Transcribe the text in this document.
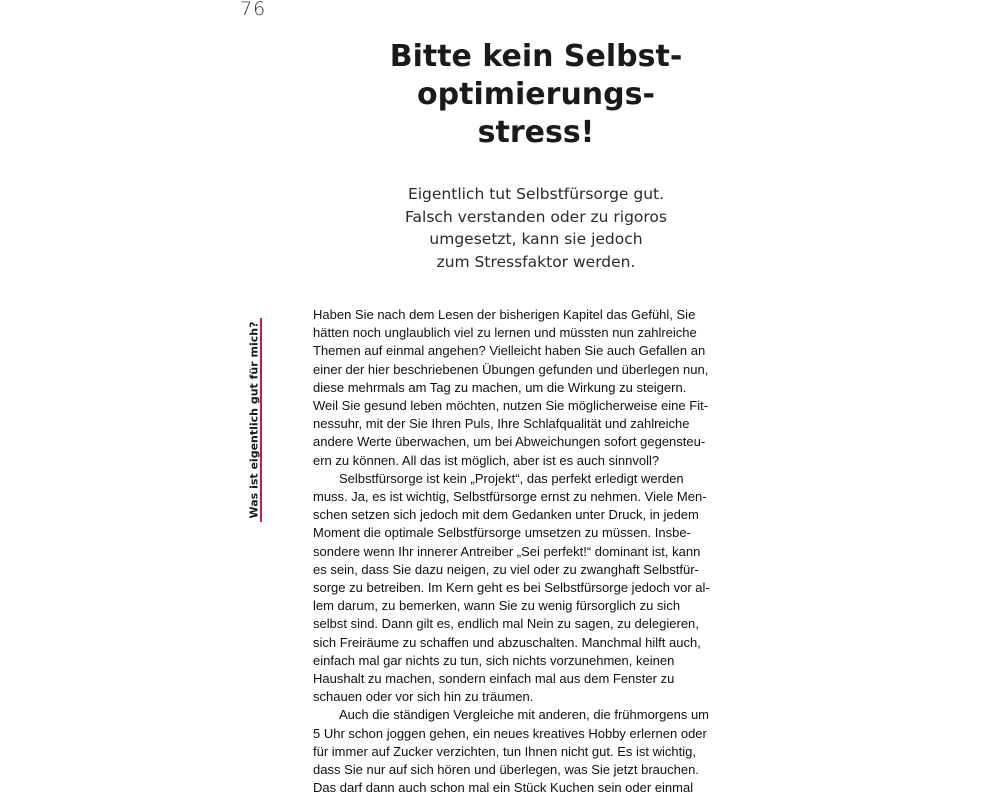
76
Bitte kein Selbst-
optimierungs-
stress!
Eigentlich tut Selbstfürsorge gut.
Falsch verstanden oder zu rigoros
umgesetzt, kann sie jedoch
zum Stressfaktor werden.
Was ist eigentlich gut für mich?
Haben Sie nach dem Lesen der bisherigen Kapitel das Gefühl, Sie
hätten noch unglaublich viel zu lernen und müssten nun zahlreiche
Themen auf einmal angehen? Vielleicht haben Sie auch Gefallen an
einer der hier beschriebenen Übungen gefunden und überlegen nun,
diese mehrmals am Tag zu machen, um die Wirkung zu steigern.
Weil Sie gesund leben möchten, nutzen Sie möglicherweise eine Fit-
nessuhr, mit der Sie Ihren Puls, Ihre Schlafqualität und zahlreiche
andere Werte überwachen, um bei Abweichungen sofort gegensteu-
ern zu können. All das ist möglich, aber ist es auch sinnvoll?
Selbstfürsorge ist kein „Projekt“, das perfekt erledigt werden
muss. Ja, es ist wichtig, Selbstfürsorge ernst zu nehmen. Viele Men-
schen setzen sich jedoch mit dem Gedanken unter Druck, in jedem
Moment die optimale Selbstfürsorge umsetzen zu müssen. Insbe-
sondere wenn Ihr innerer Antreiber „Sei perfekt!“ dominant ist, kann
es sein, dass Sie dazu neigen, zu viel oder zu zwanghaft Selbstfür-
sorge zu betreiben. Im Kern geht es bei Selbstfürsorge jedoch vor al-
lem darum, zu bemerken, wann Sie zu wenig fürsorglich zu sich
selbst sind. Dann gilt es, endlich mal Nein zu sagen, zu delegieren,
sich Freiräume zu schaffen und abzuschalten. Manchmal hilft auch,
einfach mal gar nichts zu tun, sich nichts vorzunehmen, keinen
Haushalt zu machen, sondern einfach mal aus dem Fenster zu
schauen oder vor sich hin zu träumen.
Auch die ständigen Vergleiche mit anderen, die frühmorgens um
5 Uhr schon joggen gehen, ein neues kreatives Hobby erlernen oder
für immer auf Zucker verzichten, tun Ihnen nicht gut. Es ist wichtig,
dass Sie nur auf sich hören und überlegen, was Sie jetzt brauchen.
Das darf dann auch schon mal ein Stück Kuchen sein oder einmal
